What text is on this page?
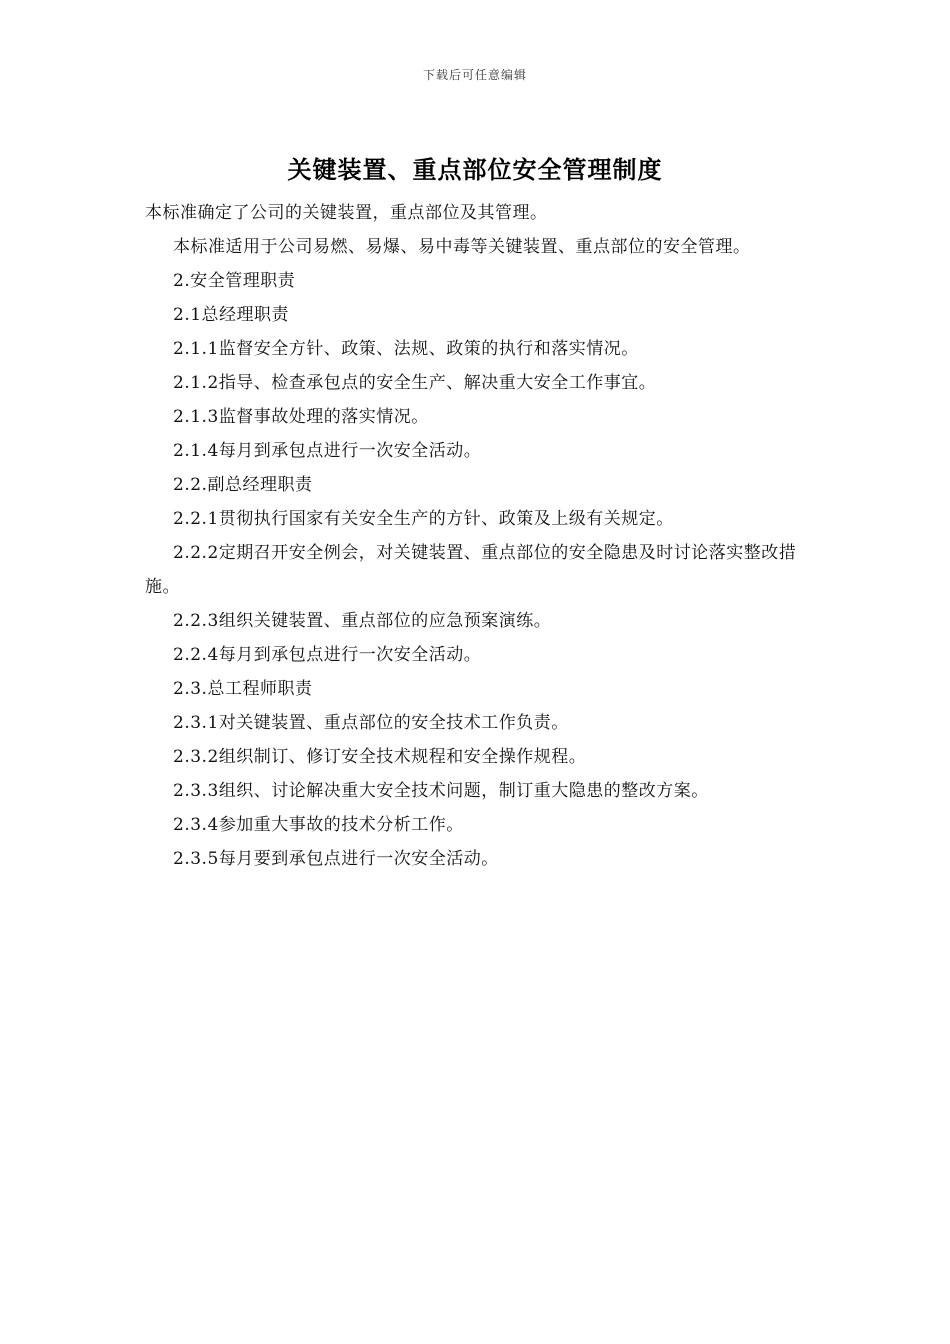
下载后可任意编辑
关键装置、重点部位安全管理制度

本标准确定了公司的关键装置，重点部位及其管理。

本标准适用于公司易燃、易爆、易中毒等关键装置、重点部位的安全管理。

2.安全管理职责

2.1总经理职责

2.1.1监督安全方针、政策、法规、政策的执行和落实情况。

2.1.2指导、检查承包点的安全生产、解决重大安全工作事宜。

2.1.3监督事故处理的落实情况。

2.1.4每月到承包点进行一次安全活动。

2.2.副总经理职责

2.2.1贯彻执行国家有关安全生产的方针、政策及上级有关规定。

2.2.2定期召开安全例会，对关键装置、重点部位的安全隐患及时讨论落实整改措施。

2.2.3组织关键装置、重点部位的应急预案演练。

2.2.4每月到承包点进行一次安全活动。

2.3.总工程师职责

2.3.1对关键装置、重点部位的安全技术工作负责。

2.3.2组织制订、修订安全技术规程和安全操作规程。

2.3.3组织、讨论解决重大安全技术问题，制订重大隐患的整改方案。

2.3.4参加重大事故的技术分析工作。

2.3.5每月要到承包点进行一次安全活动。
